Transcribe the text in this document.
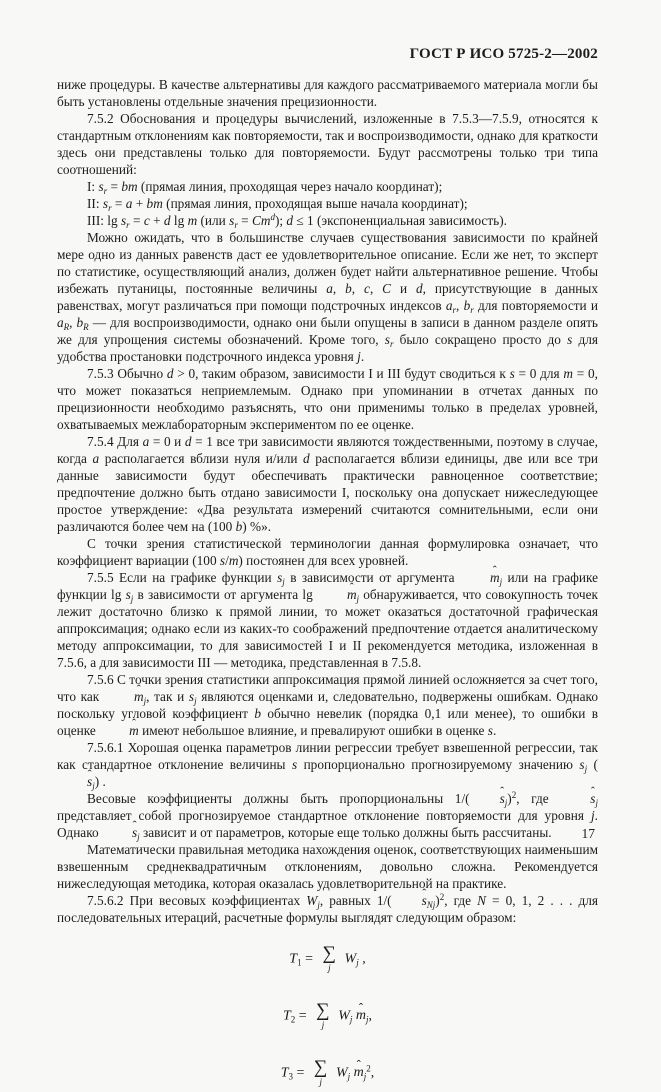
ГОСТ Р ИСО 5725-2—2002
ниже процедуры. В качестве альтернативы для каждого рассматриваемого материала могли бы быть установлены отдельные значения прецизионности.
7.5.2 Обоснования и процедуры вычислений, изложенные в 7.5.3—7.5.9, относятся к стандартным отклонениям как повторяемости, так и воспроизводимости, однако для краткости здесь они представлены только для повторяемости. Будут рассмотрены только три типа соотношений:
I: $s_r$ = bm (прямая линия, проходящая через начало координат);
II: $s_r = a$ + bm (прямая линия, проходящая выше начала координат);
III: $\lg s_r = c + d$ lg m (или $s_r = Cm^d$); d ≤ 1 (экспоненциальная зависимость).
Можно ожидать, что в большинстве случаев существования зависимости по крайней мере одно из данных равенств даст ее удовлетворительное описание. Если же нет, то эксперт по статистике, осуществляющий анализ, должен будет найти альтернативное решение. Чтобы избежать путаницы, постоянные величины a, b, c, C и d, присутствующие в данных равенствах, могут различаться при помощи подстрочных индексов $a_r$, $b_r$ для повторяемости и $a_R$, $b_R$ — для воспроизводимости, однако они были опущены в записи в данном разделе опять же для упрощения системы обозначений. Кроме того, $s_r$ было сокращено просто до s для удобства простановки подстрочного индекса уровня j.
7.5.3 Обычно d > 0, таким образом, зависимости I и III будут сводиться к s = 0 для m = 0, что может показаться неприемлемым. Однако при упоминании в отчетах данных по прецизионности необходимо разъяснять, что они применимы только в пределах уровней, охватываемых межлабораторным экспериментом по ее оценке.
7.5.4 Для a = 0 и d = 1 все три зависимости являются тождественными, поэтому в случае, когда a располагается вблизи нуля и/или d располагается вблизи единицы, две или все три данные зависимости будут обеспечивать практически равноценное соответствие; предпочтение должно быть отдано зависимости I, поскольку она допускает нижеследующее простое утверждение: «Два результата измерений считаются сомнительными, если они различаются более чем на (100 b) %».
С точки зрения статистической терминологии данная формулировка означает, что коэффициент вариации (100 s/m) постоянен для всех уровней.
7.5.5 Если на графике функции $s_j$ в зависимости от аргумента m ˆ$_j$ или на графике функции $\lg s_j$ в зависимости от аргумента lg m ˆ$_j$ обнаруживается, что совокупность точек лежит достаточно близко к прямой линии, то может оказаться достаточной графическая аппроксимация; однако если из каких-то соображений предпочтение отдается аналитическому методу аппроксимации, то для зависимостей I и II рекомендуется методика, изложенная в 7.5.6, а для зависимости III — методика, представленная в 7.5.8.
7.5.6 С точки зрения статистики аппроксимация прямой линией осложняется за счет того, что как m ˆ$_j$, так и $s_j$ являются оценками и, следовательно, подвержены ошибкам. Однако поскольку угловой коэффициент b обычно невелик (порядка 0,1 или менее), то ошибки в оценке m ˆ имеют небольшое влияние, и превалируют ошибки в оценке s.
7.5.6.1 Хорошая оценка параметров линии регрессии требует взвешенной регрессии, так как стандартное отклонение величины s пропорционально прогнозируемому значению $s_j$ (s ˆ$_j$) .
Весовые коэффициенты должны быть пропорциональны 1/( s ˆ$_j$)$^2$, где s ˆ$_j$ представляет собой прогнозируемое стандартное отклонение повторяемости для уровня j. Однако s ˆ$_j$ зависит и от параметров, которые еще только должны быть рассчитаны.
Математически правильная методика нахождения оценок, соответствующих наименьшим взвешенным среднеквадратичным отклонениям, довольно сложна. Рекомендуется нижеследующая методика, которая оказалась удовлетворительной на практике.
7.5.6.2 При весовых коэффициентах $W_j$, равных 1/( s ˆ$_{Nj}$)$^2$, где N = 0, 1, 2 . . . для последовательных итераций, расчетные формулы выглядят следующим образом:
$T_1$ = ∑
j
$W_j$ ,
$T_2$ = ∑
j
$W_j$ m ˆ$_j$,
$T_3$ = ∑
j
$W_j$ m ˆ$_j^2$,
17
